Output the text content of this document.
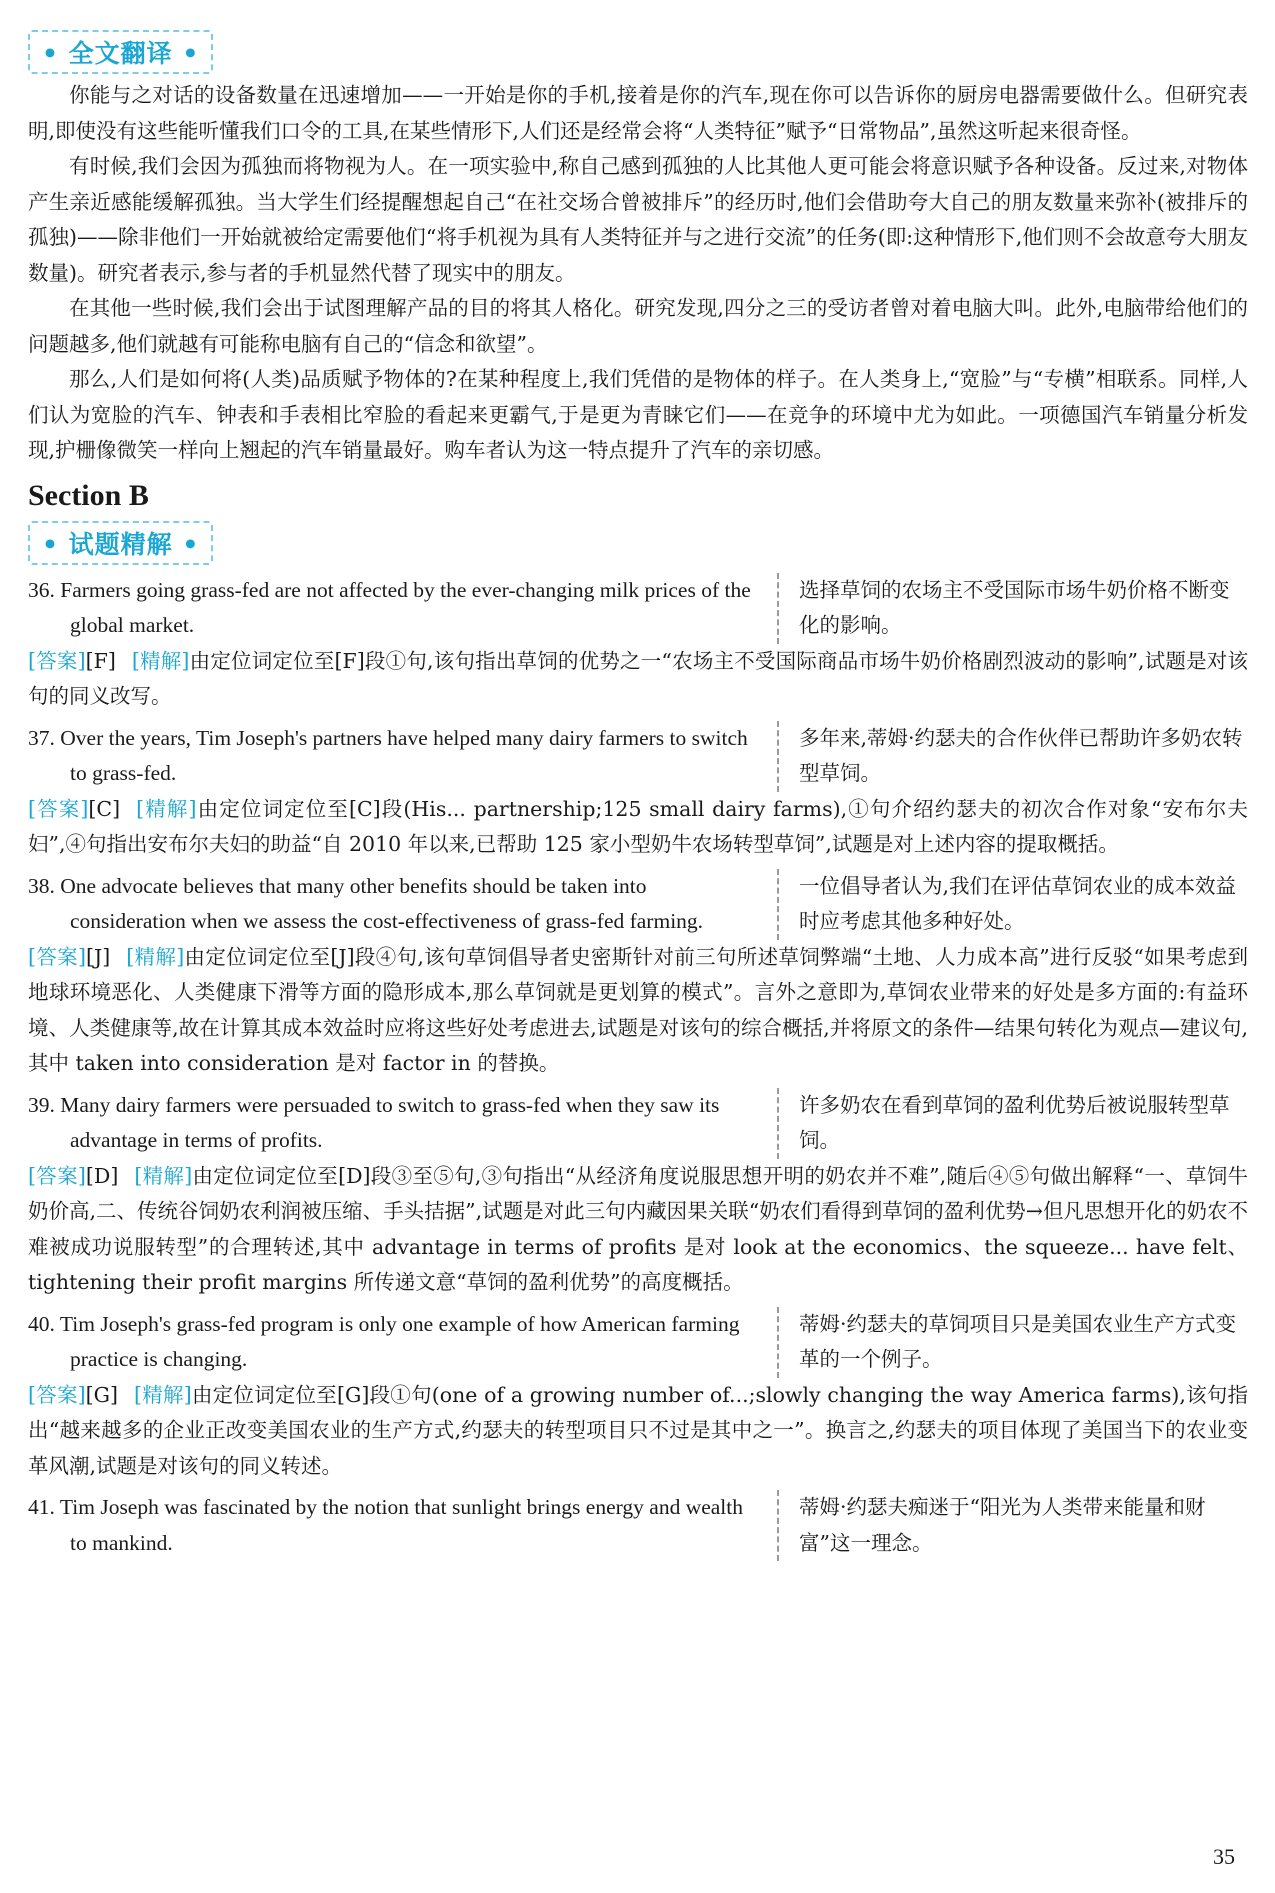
• 全文翻译 •

你能与之对话的设备数量在迅速增加——一开始是你的手机,接着是你的汽车,现在你可以告诉你的厨房电器需要做什么。但研究表明,即使没有这些能听懂我们口令的工具,在某些情形下,人们还是经常会将“人类特征”赋予“日常物品”,虽然这听起来很奇怪。

有时候,我们会因为孤独而将物视为人。在一项实验中,称自己感到孤独的人比其他人更可能会将意识赋予各种设备。反过来,对物体产生亲近感能缓解孤独。当大学生们经提醒想起自己“在社交场合曾被排斥”的经历时,他们会借助夸大自己的朋友数量来弥补(被排斥的孤独)——除非他们一开始就被给定需要他们“将手机视为具有人类特征并与之进行交流”的任务(即:这种情形下,他们则不会故意夸大朋友数量)。研究者表示,参与者的手机显然代替了现实中的朋友。

在其他一些时候,我们会出于试图理解产品的目的将其人格化。研究发现,四分之三的受访者曾对着电脑大叫。此外,电脑带给他们的问题越多,他们就越有可能称电脑有自己的“信念和欲望”。

那么,人们是如何将(人类)品质赋予物体的?在某种程度上,我们凭借的是物体的样子。在人类身上,“宽脸”与“专横”相联系。同样,人们认为宽脸的汽车、钟表和手表相比窄脸的看起来更霸气,于是更为青睐它们——在竞争的环境中尤为如此。一项德国汽车销量分析发现,护栅像微笑一样向上翘起的汽车销量最好。购车者认为这一特点提升了汽车的亲切感。

Section B
• 试题精解 •
36. Farmers going grass-fed are not affected by the ever-changing milk prices of the global market.
选择草饲的农场主不受国际市场牛奶价格不断变化的影响。

[答案][F] [精解]由定位词定位至[F]段①句,该句指出草饲的优势之一“农场主不受国际商品市场牛奶价格剧烈波动的影响”,试题是对该句的同义改写。

37. Over the years, Tim Joseph's partners have helped many dairy farmers to switch to grass-fed.
多年来,蒂姆·约瑟夫的合作伙伴已帮助许多奶农转型草饲。

[答案][C] [精解]由定位词定位至[C]段(His... partnership;125 small dairy farms),①句介绍约瑟夫的初次合作对象“安布尔夫妇”,④句指出安布尔夫妇的助益“自 2010 年以来,已帮助 125 家小型奶牛农场转型草饲”,试题是对上述内容的提取概括。

38. One advocate believes that many other benefits should be taken into consideration when we assess the cost-effectiveness of grass-fed farming.
一位倡导者认为,我们在评估草饲农业的成本效益时应考虑其他多种好处。

[答案][J] [精解]由定位词定位至[J]段④句,该句草饲倡导者史密斯针对前三句所述草饲弊端“土地、人力成本高”进行反驳“如果考虑到地球环境恶化、人类健康下滑等方面的隐形成本,那么草饲就是更划算的模式”。言外之意即为,草饲农业带来的好处是多方面的:有益环境、人类健康等,故在计算其成本效益时应将这些好处考虑进去,试题是对该句的综合概括,并将原文的条件—结果句转化为观点—建议句,其中 taken into consideration 是对 factor in 的替换。

39. Many dairy farmers were persuaded to switch to grass-fed when they saw its advantage in terms of profits.
许多奶农在看到草饲的盈利优势后被说服转型草饲。

[答案][D] [精解]由定位词定位至[D]段③至⑤句,③句指出“从经济角度说服思想开明的奶农并不难”,随后④⑤句做出解释“一、草饲牛奶价高,二、传统谷饲奶农利润被压缩、手头拮据”,试题是对此三句内藏因果关联“奶农们看得到草饲的盈利优势→但凡思想开化的奶农不难被成功说服转型”的合理转述,其中 advantage in terms of profits 是对 look at the economics、the squeeze... have felt、tightening their profit margins 所传递文意“草饲的盈利优势”的高度概括。

40. Tim Joseph's grass-fed program is only one example of how American farming practice is changing.
蒂姆·约瑟夫的草饲项目只是美国农业生产方式变革的一个例子。

[答案][G] [精解]由定位词定位至[G]段①句(one of a growing number of...;slowly changing the way America farms),该句指出“越来越多的企业正改变美国农业的生产方式,约瑟夫的转型项目只不过是其中之一”。换言之,约瑟夫的项目体现了美国当下的农业变革风潮,试题是对该句的同义转述。

41. Tim Joseph was fascinated by the notion that sunlight brings energy and wealth to mankind.
蒂姆·约瑟夫痴迷于“阳光为人类带来能量和财富”这一理念。
35
